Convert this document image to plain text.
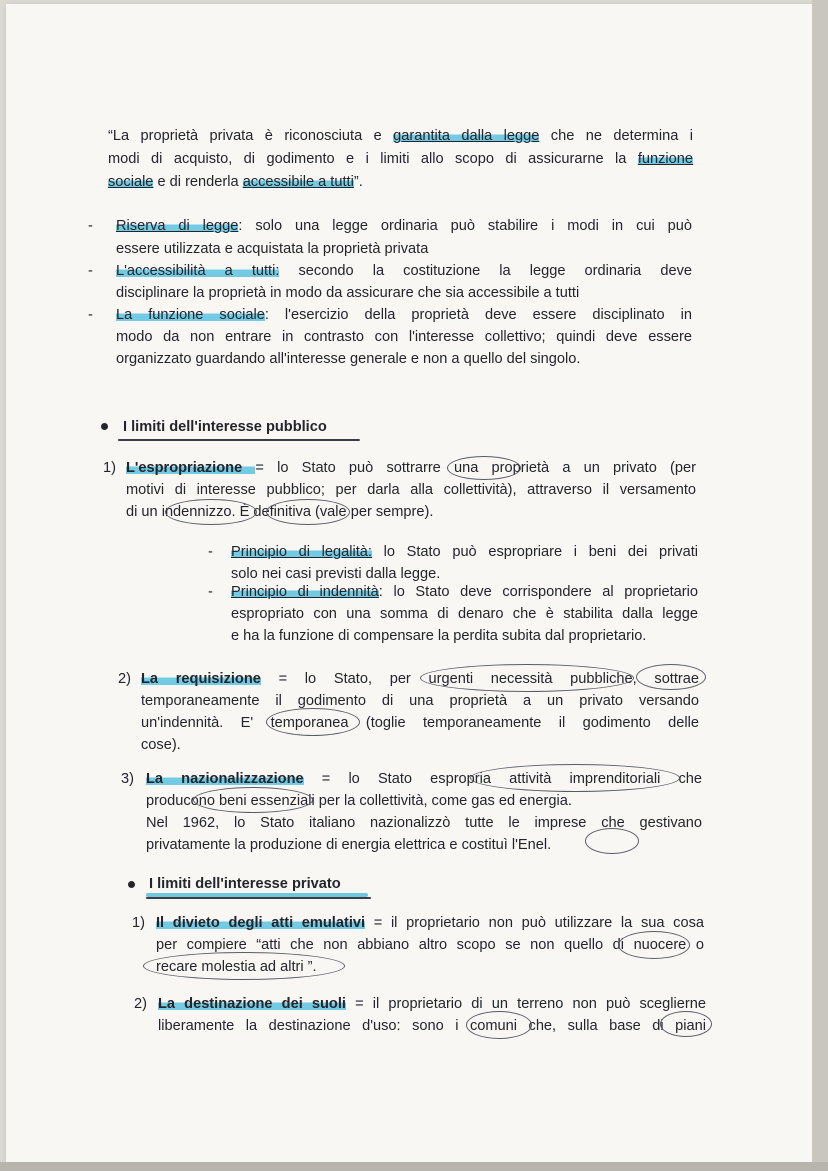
“La proprietà privata è riconosciuta e garantita dalla legge che ne determina i
modi di acquisto, di godimento e i limiti allo scopo di assicurarne la funzione
sociale e di renderla accessibile a tutti”.
- Riserva di legge: solo una legge ordinaria può stabilire i modi in cui può
essere utilizzata e acquistata la proprietà privata
- L'accessibilità a tutti: secondo la costituzione la legge ordinaria deve
disciplinare la proprietà in modo da assicurare che sia accessibile a tutti
- La funzione sociale: l'esercizio della proprietà deve essere disciplinato in
modo da non entrare in contrasto con l'interesse collettivo; quindi deve essere
organizzato guardando all'interesse generale e non a quello del singolo.
I limiti dell'interesse pubblico
1) L'espropriazione = lo Stato può sottrarre una proprietà a un privato (per
motivi di interesse pubblico; per darla alla collettività), attraverso il versamento
di un indennizzo. È definitiva (vale per sempre).
- Principio di legalità: lo Stato può espropriare i beni dei privati
solo nei casi previsti dalla legge.
- Principio di indennità: lo Stato deve corrispondere al proprietario
espropriato con una somma di denaro che è stabilita dalla legge
e ha la funzione di compensare la perdita subita dal proprietario.
2) La requisizione = lo Stato, per urgenti necessità pubbliche, sottrae
temporaneamente il godimento di una proprietà a un privato versando
un'indennità. E' temporanea (toglie temporaneamente il godimento delle
cose).
3) La nazionalizzazione = lo Stato espropria attività imprenditoriali che
producono beni essenziali per la collettività, come gas ed energia.
Nel 1962, lo Stato italiano nazionalizzò tutte le imprese che gestivano
privatamente la produzione di energia elettrica e costituì l'Enel.
I limiti dell'interesse privato
1) Il divieto degli atti emulativi = il proprietario non può utilizzare la sua cosa
per compiere “atti che non abbiano altro scopo se non quello di nuocere o
recare molestia ad altri ”.
2) La destinazione dei suoli = il proprietario di un terreno non può sceglierne
liberamente la destinazione d'uso: sono i comuni che, sulla base di piani
